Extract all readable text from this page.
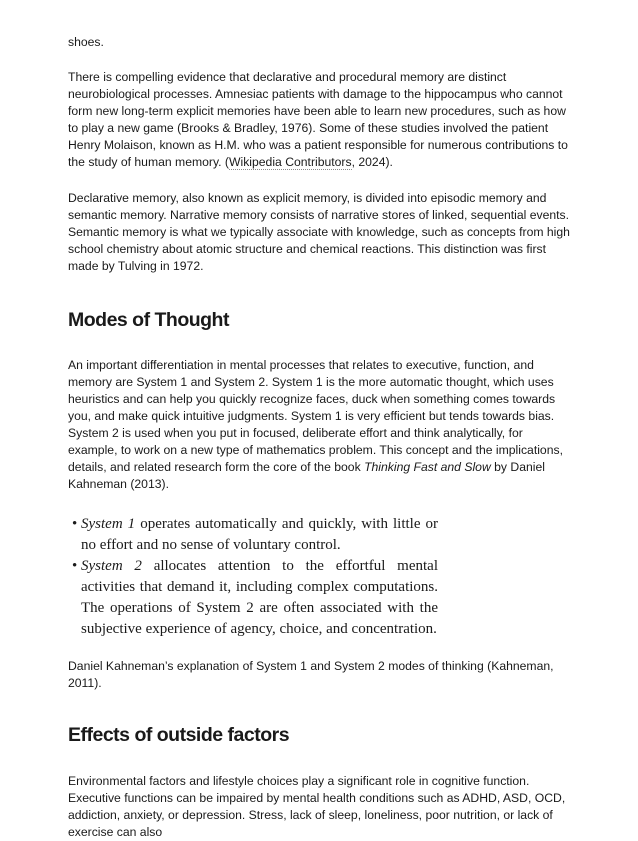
shoes.

There is compelling evidence that declarative and procedural memory are distinct neurobiological processes. Amnesiac patients with damage to the hippocampus who cannot form new long-term explicit memories have been able to learn new procedures, such as how to play a new game (Brooks & Bradley, 1976). Some of these studies involved the patient Henry Molaison, known as H.M. who was a patient responsible for numerous contributions to the study of human memory. (Wikipedia Contributors, 2024).

Declarative memory, also known as explicit memory, is divided into episodic memory and semantic memory. Narrative memory consists of narrative stores of linked, sequential events. Semantic memory is what we typically associate with knowledge, such as concepts from high school chemistry about atomic structure and chemical reactions. This distinction was first made by Tulving in 1972.

Modes of Thought

An important differentiation in mental processes that relates to executive, function, and memory are System 1 and System 2. System 1 is the more automatic thought, which uses heuristics and can help you quickly recognize faces, duck when something comes towards you, and make quick intuitive judgments. System 1 is very efficient but tends towards bias. System 2 is used when you put in focused, deliberate effort and think analytically, for example, to work on a new type of mathematics problem. This concept and the implications, details, and related research form the core of the book Thinking Fast and Slow by Daniel Kahneman (2013).

• System 1 operates automatically and quickly, with little or no effort and no sense of voluntary control.
• System 2 allocates attention to the effortful mental activities that demand it, including complex computations. The operations of System 2 are often associated with the subjective experience of agency, choice, and concentration.

Daniel Kahneman’s explanation of System 1 and System 2 modes of thinking (Kahneman, 2011).

Effects of outside factors

Environmental factors and lifestyle choices play a significant role in cognitive function. Executive functions can be impaired by mental health conditions such as ADHD, ASD, OCD, addiction, anxiety, or depression. Stress, lack of sleep, loneliness, poor nutrition, or lack of exercise can also
